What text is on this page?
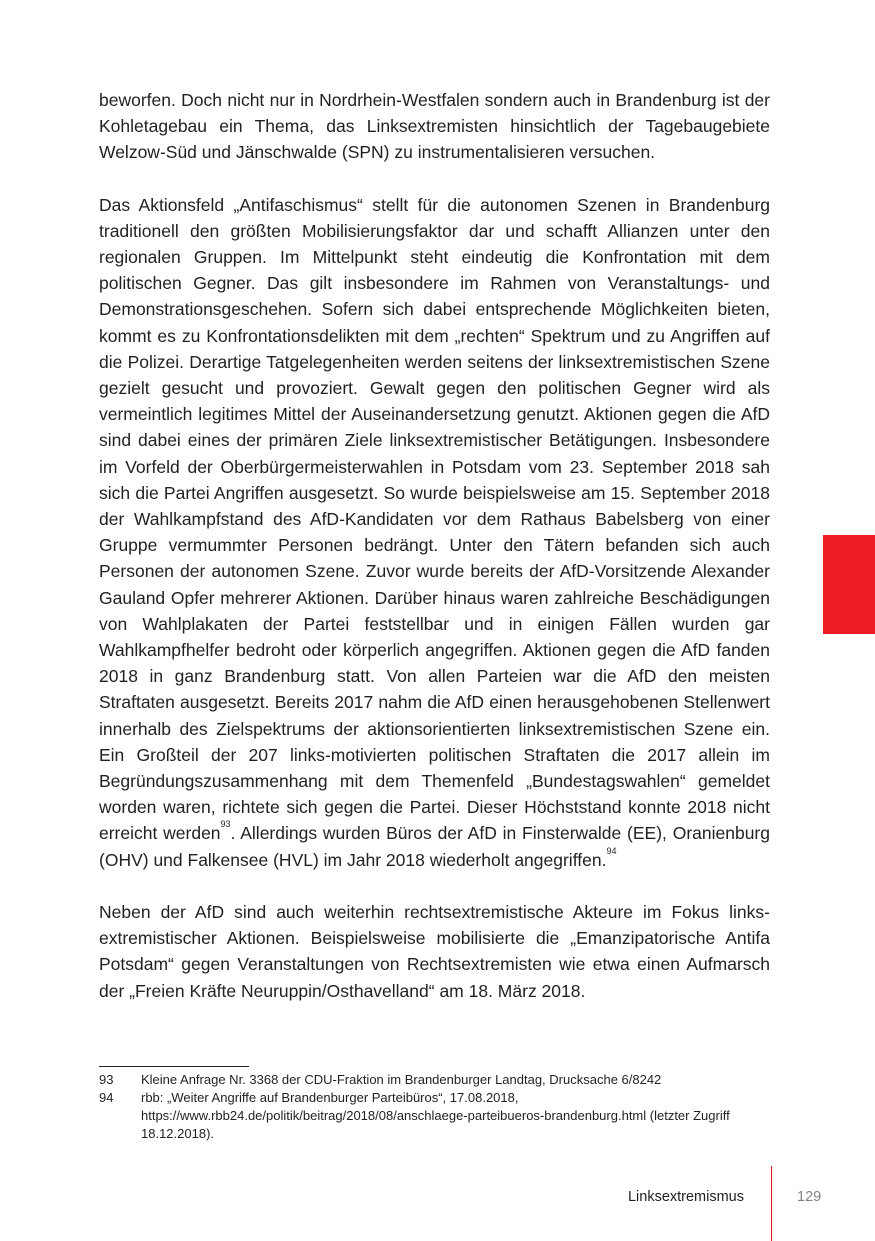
beworfen. Doch nicht nur in Nordrhein-Westfalen sondern auch in Brandenburg ist der Kohletagebau ein Thema, das Linksextremisten hinsichtlich der Tagebaugebiete Welzow-Süd und Jänschwalde (SPN) zu instrumentalisieren versuchen.

Das Aktionsfeld „Antifaschismus“ stellt für die autonomen Szenen in Brandenburg traditionell den größten Mobilisierungsfaktor dar und schafft Allianzen unter den regionalen Gruppen. Im Mittelpunkt steht eindeutig die Konfrontation mit dem politischen Gegner. Das gilt insbesondere im Rahmen von Veranstaltungs- und Demonstrationsgeschehen. Sofern sich dabei entsprechende Möglichkeiten bieten, kommt es zu Konfrontationsdelikten mit dem „rechten“ Spektrum und zu Angriffen auf die Polizei. Derartige Tatgelegenheiten werden seitens der linksextremistischen Szene gezielt gesucht und provoziert. Gewalt gegen den politischen Gegner wird als vermeintlich legitimes Mittel der Auseinandersetzung genutzt. Aktionen gegen die AfD sind dabei eines der primären Ziele linksextremistischer Betätigungen. Insbesondere im Vorfeld der Oberbürgermeisterwahlen in Potsdam vom 23. September 2018 sah sich die Partei Angriffen ausgesetzt. So wurde beispielsweise am 15. September 2018 der Wahlkampfstand des AfD-Kandidaten vor dem Rathaus Babelsberg von einer Gruppe vermummter Personen bedrängt. Unter den Tätern befanden sich auch Personen der autonomen Szene. Zuvor wurde bereits der AfD-Vorsitzende Alexander Gauland Opfer mehrerer Aktionen. Darüber hinaus waren zahlreiche Beschädigungen von Wahlplakaten der Partei feststellbar und in einigen Fällen wurden gar Wahlkampfhelfer bedroht oder körperlich angegriffen. Aktionen gegen die AfD fanden 2018 in ganz Brandenburg statt. Von allen Parteien war die AfD den meisten Straftaten ausgesetzt. Bereits 2017 nahm die AfD einen herausgehobenen Stellenwert innerhalb des Zielspektrums der aktionsorientierten linksextremistischen Szene ein. Ein Großteil der 207 links-motivierten politischen Straftaten die 2017 allein im Begründungszusammenhang mit dem Themenfeld „Bundestagswahlen“ gemeldet worden waren, richtete sich gegen die Partei. Dieser Höchststand konnte 2018 nicht erreicht werden$^{93}$. Allerdings wurden Büros der AfD in Finsterwalde (EE), Oranienburg (OHV) und Falkensee (HVL) im Jahr 2018 wiederholt angegriffen.$^{94}$

Neben der AfD sind auch weiterhin rechtsextremistische Akteure im Fokus linksextremistischer Aktionen. Beispielsweise mobilisierte die „Emanzipatorische Antifa Potsdam“ gegen Veranstaltungen von Rechtsextremisten wie etwa einen Aufmarsch der „Freien Kräfte Neuruppin/Osthavelland“ am 18. März 2018.

93	Kleine Anfrage Nr. 3368 der CDU-Fraktion im Brandenburger Landtag, Drucksache 6/8242
94	rbb: „Weiter Angriffe auf Brandenburger Parteibüros“, 17.08.2018, https://www.rbb24.de/politik/beitrag/2018/08/anschlaege-parteibueros-brandenburg.html (letzter Zugriff 18.12.2018).
Linksextremismus	129
